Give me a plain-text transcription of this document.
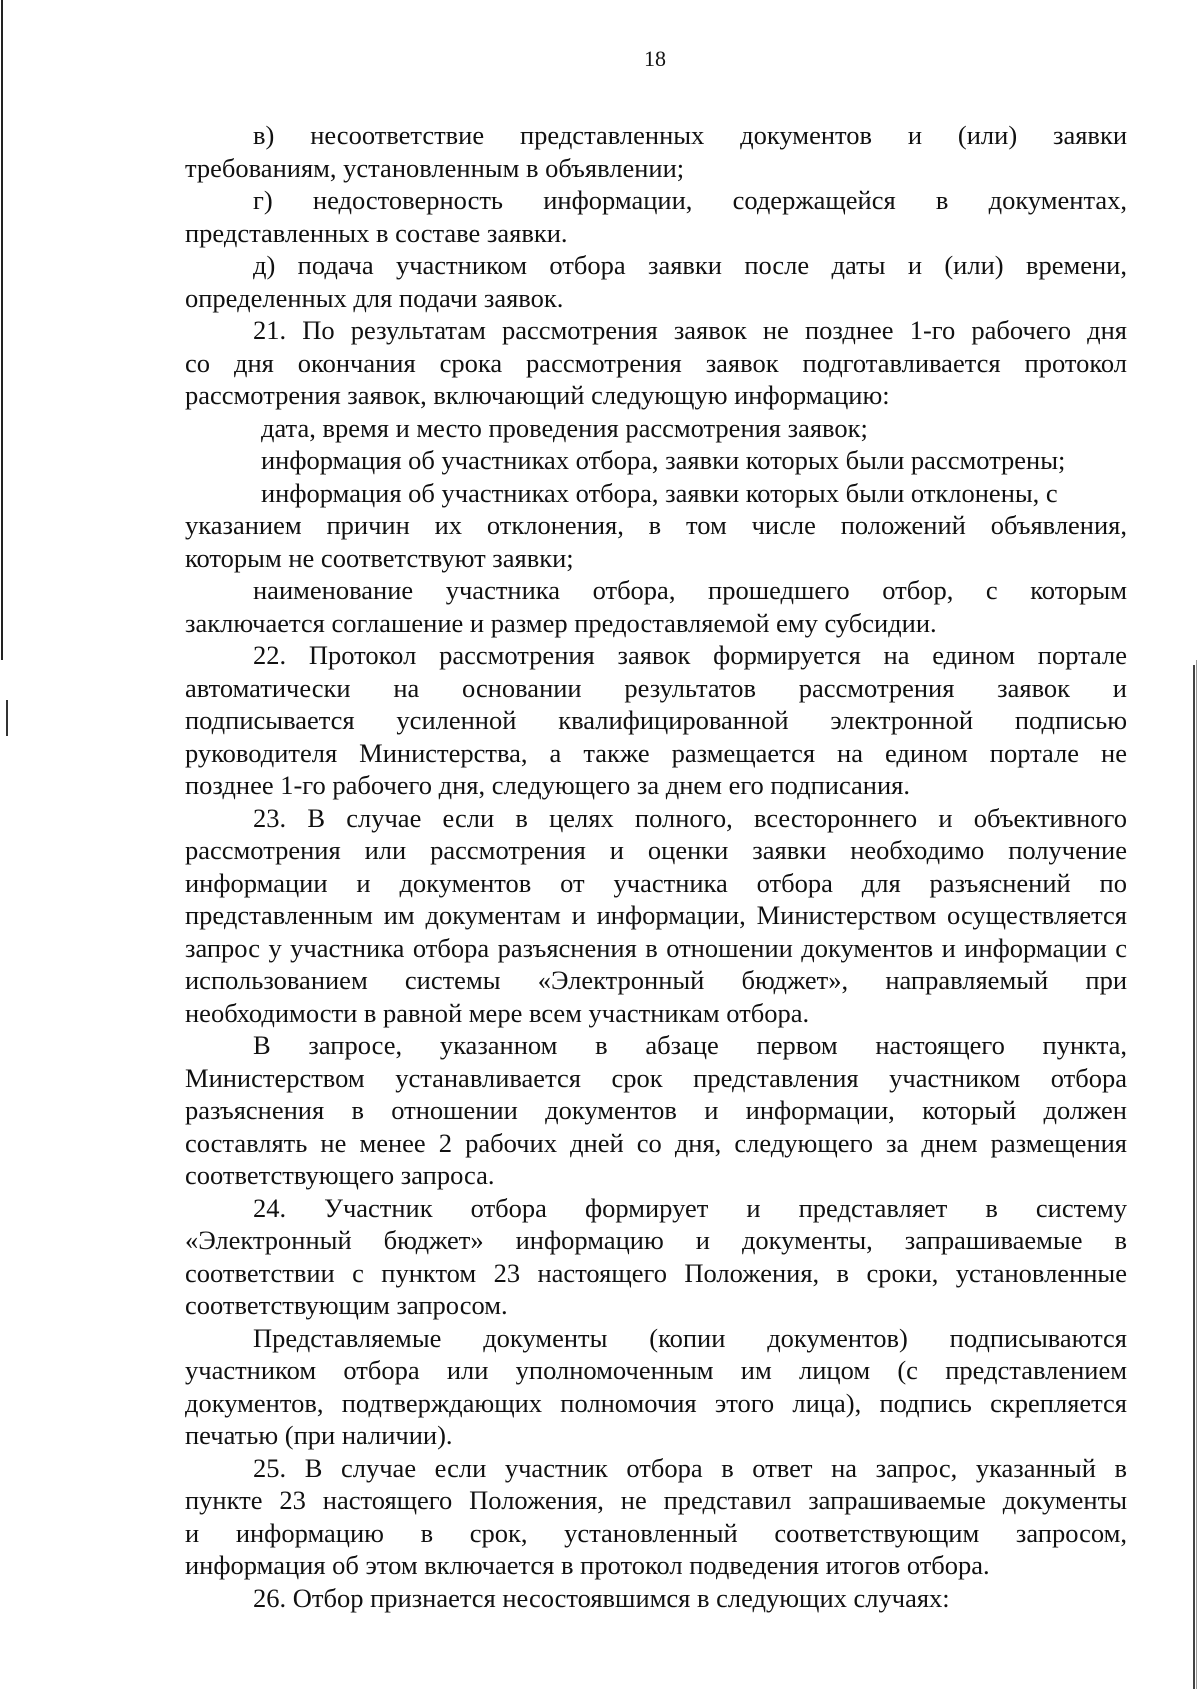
18
в) несоответствие представленных документов и (или) заявки
требованиям, установленным в объявлении;
г) недостоверность информации, содержащейся в документах,
представленных в составе заявки.
д) подача участником отбора заявки после даты и (или) времени,
определенных для подачи заявок.
21. По результатам рассмотрения заявок не позднее 1-го рабочего дня
со дня окончания срока рассмотрения заявок подготавливается протокол
рассмотрения заявок, включающий следующую информацию:
дата, время и место проведения рассмотрения заявок;
информация об участниках отбора, заявки которых были рассмотрены;
информация об участниках отбора, заявки которых были отклонены, с
указанием причин их отклонения, в том числе положений объявления,
которым не соответствуют заявки;
наименование участника отбора, прошедшего отбор, с которым
заключается соглашение и размер предоставляемой ему субсидии.
22. Протокол рассмотрения заявок формируется на едином портале
автоматически на основании результатов рассмотрения заявок и
подписывается усиленной квалифицированной электронной подписью
руководителя Министерства, а также размещается на едином портале не
позднее 1-го рабочего дня, следующего за днем его подписания.
23. В случае если в целях полного, всестороннего и объективного
рассмотрения или рассмотрения и оценки заявки необходимо получение
информации и документов от участника отбора для разъяснений по
представленным им документам и информации, Министерством осуществляется
запрос у участника отбора разъяснения в отношении документов и информации с
использованием системы «Электронный бюджет», направляемый при
необходимости в равной мере всем участникам отбора.
В запросе, указанном в абзаце первом настоящего пункта,
Министерством устанавливается срок представления участником отбора
разъяснения в отношении документов и информации, который должен
составлять не менее 2 рабочих дней со дня, следующего за днем размещения
соответствующего запроса.
24. Участник отбора формирует и представляет в систему
«Электронный бюджет» информацию и документы, запрашиваемые в
соответствии с пунктом 23 настоящего Положения, в сроки, установленные
соответствующим запросом.
Представляемые документы (копии документов) подписываются
участником отбора или уполномоченным им лицом (с представлением
документов, подтверждающих полномочия этого лица), подпись скрепляется
печатью (при наличии).
25. В случае если участник отбора в ответ на запрос, указанный в
пункте 23 настоящего Положения, не представил запрашиваемые документы
и информацию в срок, установленный соответствующим запросом,
информация об этом включается в протокол подведения итогов отбора.
26. Отбор признается несостоявшимся в следующих случаях:
